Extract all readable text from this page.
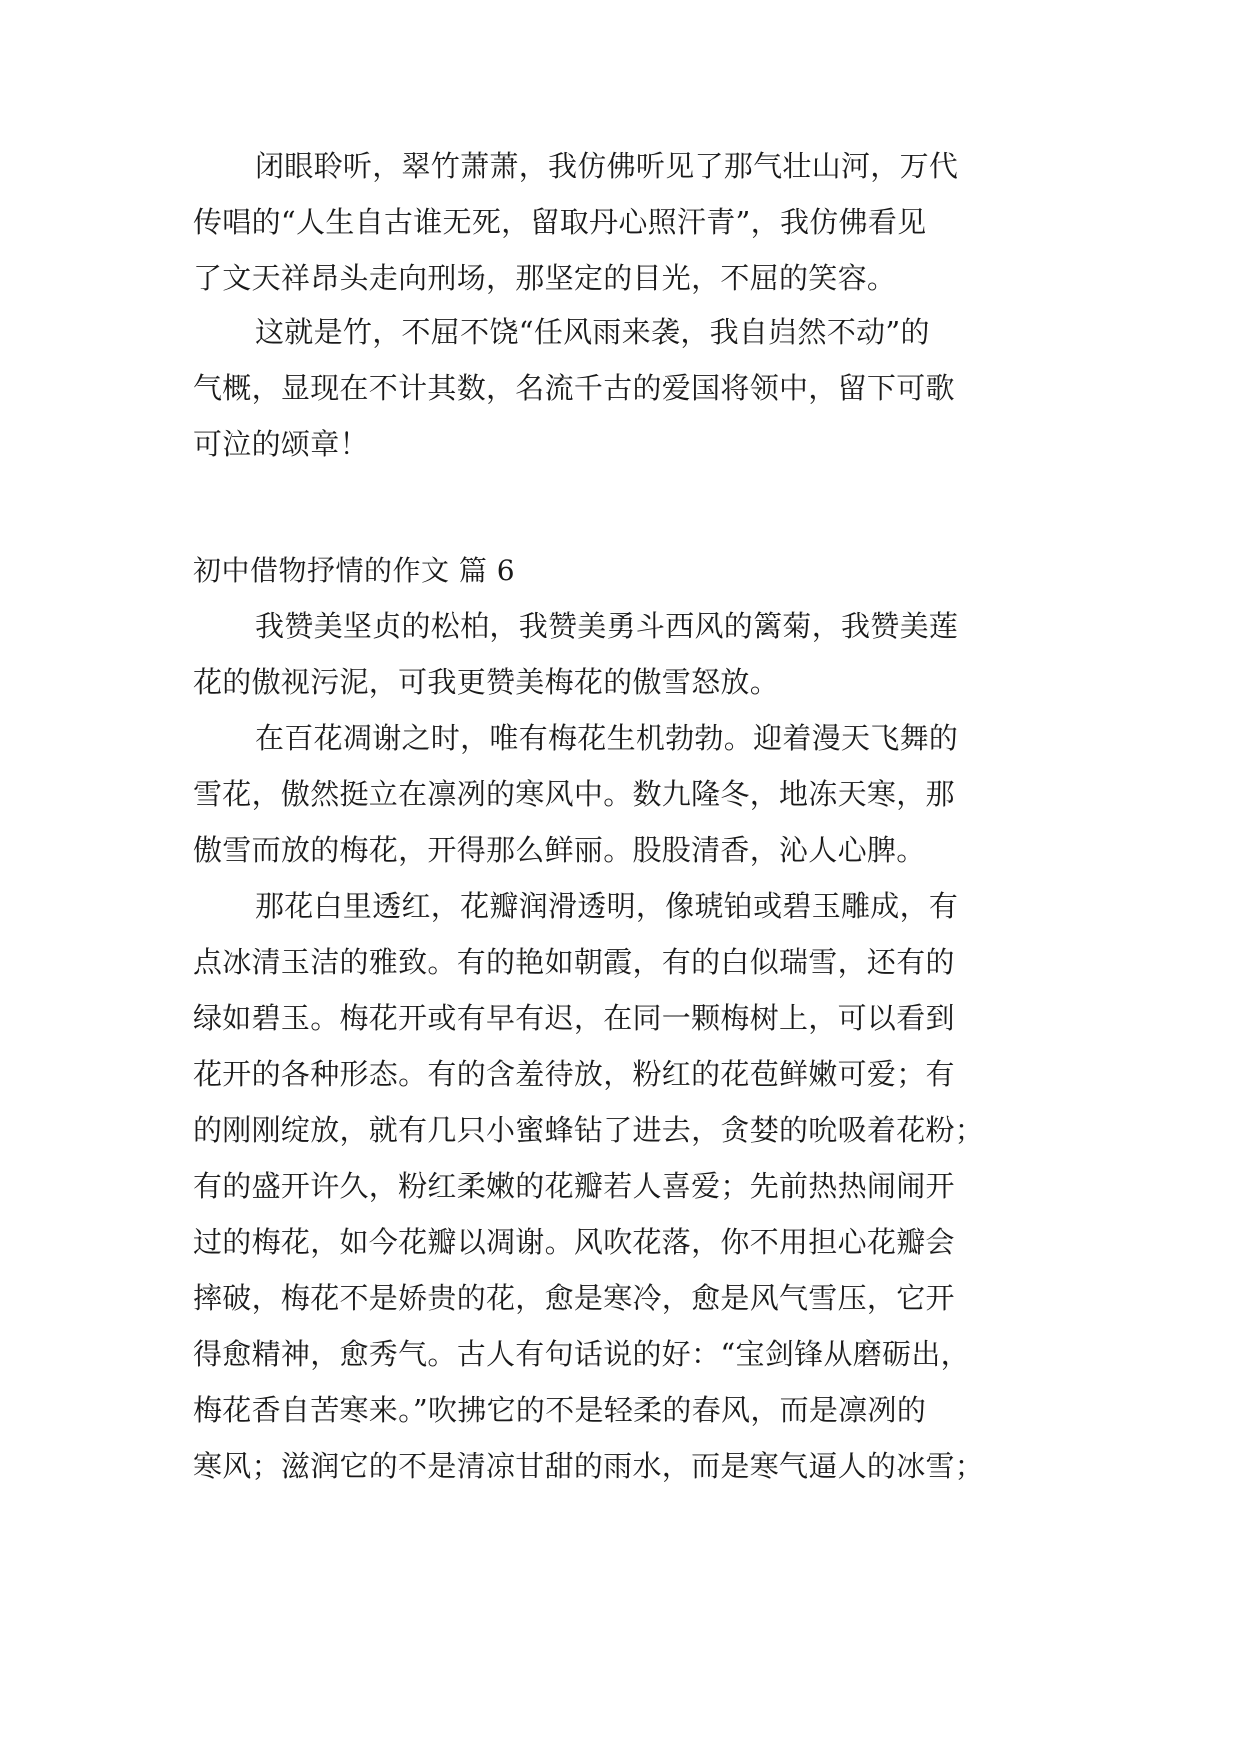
闭眼聆听，翠竹萧萧，我仿佛听见了那气壮山河，万代
传唱的“人生自古谁无死，留取丹心照汗青”，我仿佛看见
了文天祥昂头走向刑场，那坚定的目光，不屈的笑容。
这就是竹，不屈不饶“任风雨来袭，我自岿然不动”的
气概，显现在不计其数，名流千古的爱国将领中，留下可歌
可泣的颂章！
初中借物抒情的作文 篇 6
我赞美坚贞的松柏，我赞美勇斗西风的篱菊，我赞美莲
花的傲视污泥，可我更赞美梅花的傲雪怒放。
在百花凋谢之时，唯有梅花生机勃勃。迎着漫天飞舞的
雪花，傲然挺立在凛冽的寒风中。数九隆冬，地冻天寒，那
傲雪而放的梅花，开得那么鲜丽。股股清香，沁人心脾。
那花白里透红，花瓣润滑透明，像琥铂或碧玉雕成，有
点冰清玉洁的雅致。有的艳如朝霞，有的白似瑞雪，还有的
绿如碧玉。梅花开或有早有迟，在同一颗梅树上，可以看到
花开的各种形态。有的含羞待放，粉红的花苞鲜嫩可爱；有
的刚刚绽放，就有几只小蜜蜂钻了进去，贪婪的吮吸着花粉；
有的盛开许久，粉红柔嫩的花瓣若人喜爱；先前热热闹闹开
过的梅花，如今花瓣以凋谢。风吹花落，你不用担心花瓣会
摔破，梅花不是娇贵的花，愈是寒冷，愈是风气雪压，它开
得愈精神，愈秀气。古人有句话说的好：“宝剑锋从磨砺出，
梅花香自苦寒来。”吹拂它的不是轻柔的春风，而是凛冽的
寒风；滋润它的不是清凉甘甜的雨水，而是寒气逼人的冰雪；
